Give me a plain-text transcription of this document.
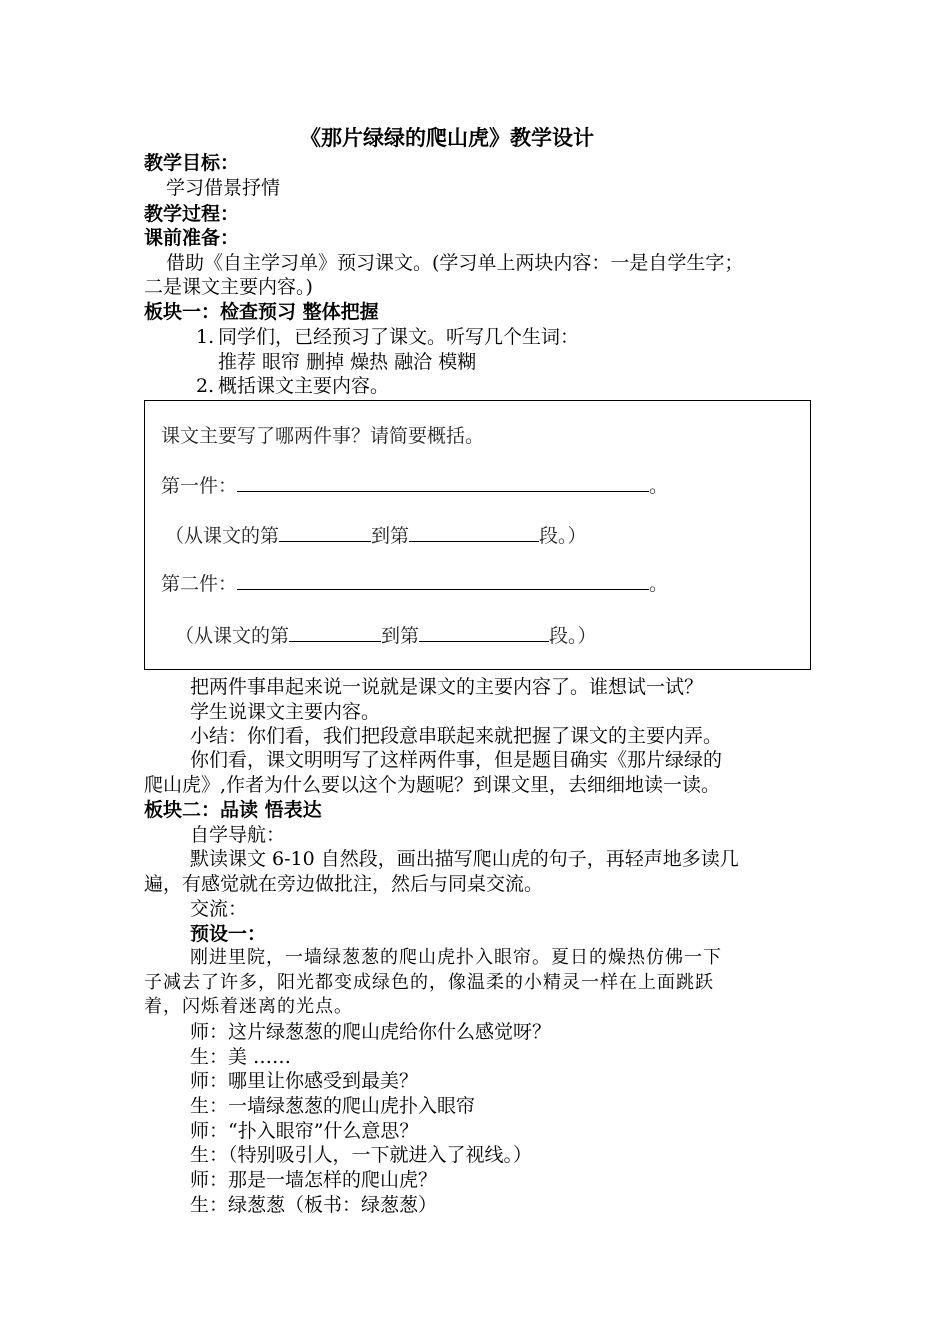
《那片绿绿的爬山虎》教学设计
教学目标：
学习借景抒情
教学过程：
课前准备：
借助《自主学习单》预习课文。(学习单上两块内容：一是自学生字；
二是课文主要内容。)
板块一：检查预习 整体把握
1. 同学们，已经预习了课文。听写几个生词：
推荐 眼帘 删掉 燥热 融洽 模糊
2. 概括课文主要内容。
课文主要写了哪两件事？请简要概括。
第一件：	。
（从课文的第	到第	段。）
第二件：	。
（从课文的第	到第	段。）
把两件事串起来说一说就是课文的主要内容了。谁想试一试？
学生说课文主要内容。
小结：你们看，我们把段意串联起来就把握了课文的主要内弄。
你们看，课文明明写了这样两件事，但是题目确实《那片绿绿的
爬山虎》,作者为什么要以这个为题呢？到课文里，去细细地读一读。
板块二：品读 悟表达
自学导航：
默读课文 6-10 自然段，画出描写爬山虎的句子，再轻声地多读几
遍，有感觉就在旁边做批注，然后与同桌交流。
交流：
预设一：
刚进里院，一墙绿葱葱的爬山虎扑入眼帘。夏日的燥热仿佛一下
子减去了许多，阳光都变成绿色的，像温柔的小精灵一样在上面跳跃
着，闪烁着迷离的光点。
师：这片绿葱葱的爬山虎给你什么感觉呀？
生：美 ……
师：哪里让你感受到最美？
生：一墙绿葱葱的爬山虎扑入眼帘
师：“扑入眼帘”什么意思？
生：（特别吸引人，一下就进入了视线。）
师：那是一墙怎样的爬山虎？
生：绿葱葱（板书：绿葱葱）
